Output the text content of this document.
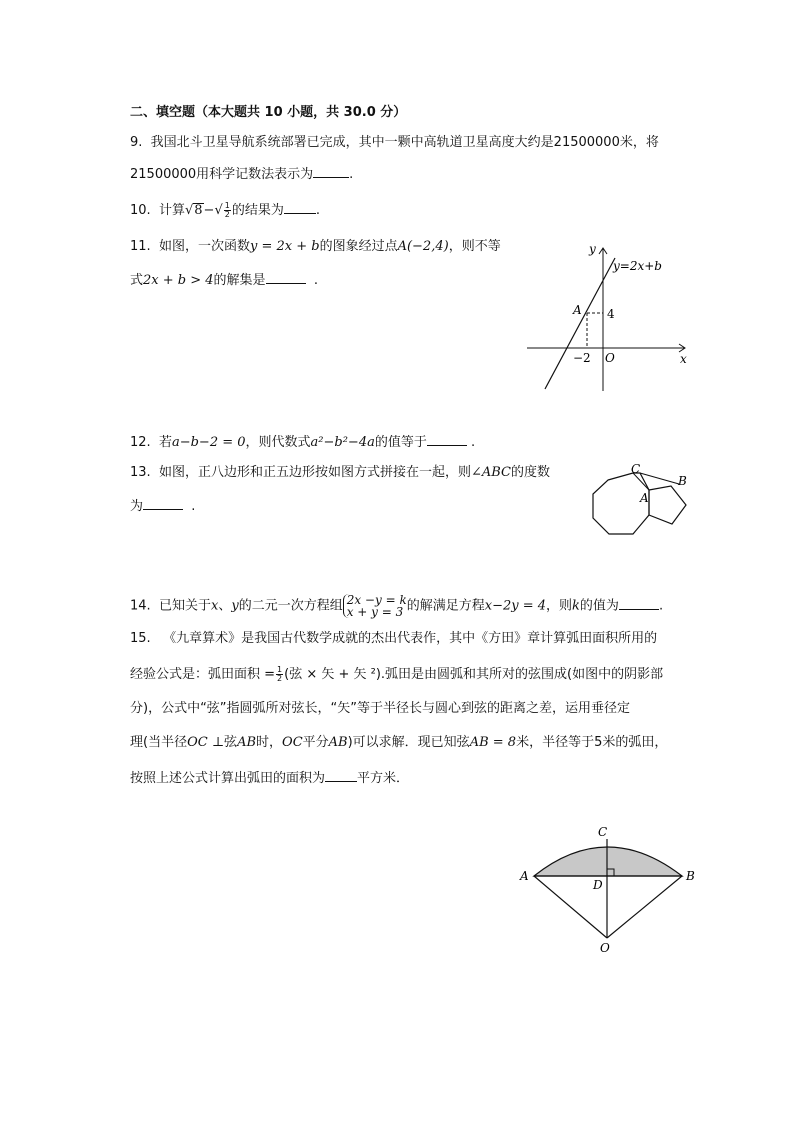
二、填空题（本大题共 10 小题，共 30.0 分）
9. 我国北斗卫星导航系统部署已完成，其中一颗中高轨道卫星高度大约是21500000米，将
21500000用科学记数法表示为	.
10. 计算$√8-√ \frac{1}{2}$ 的结果为 .
11. 如图，一次函数y = 2x + b的图象经过点A(−2,4)，则不等
式2x + b > 4的解集是	.
y
x
y=2x+b
A 4
−2 O
12. 若a−b−2 = 0，则代数式a²−b²−4a的值等于	.
13. 如图，正八边形和正五边形按如图方式拼接在一起，则∠ABC的度数
为	.
C
A
B
14. 已知关于x、y的二元一次方程组 2x −y = k
x + y = 3 的解满足方程x−2y = 4，则k的值为	.
15. 《九章算术》是我国古代数学成就的杰出代表作，其中《方田》章计算弧田面积所用的
经验公式是：弧田面积 = $\frac{1}{2}$ (弦 × 矢 + 矢 ²).弧田是由圆弧和其所对的弦围成(如图中的阴影部
分)，公式中“弦”指圆弧所对弦长，“矢”等于半径长与圆心到弦的距离之差，运用垂径定
理(当半径OC ⊥弦AB时，OC平分AB)可以求解．现已知弦AB = 8米，半径等于5米的弧田，
按照上述公式计算出弧田的面积为 平方米．
C
A	B
D
O
